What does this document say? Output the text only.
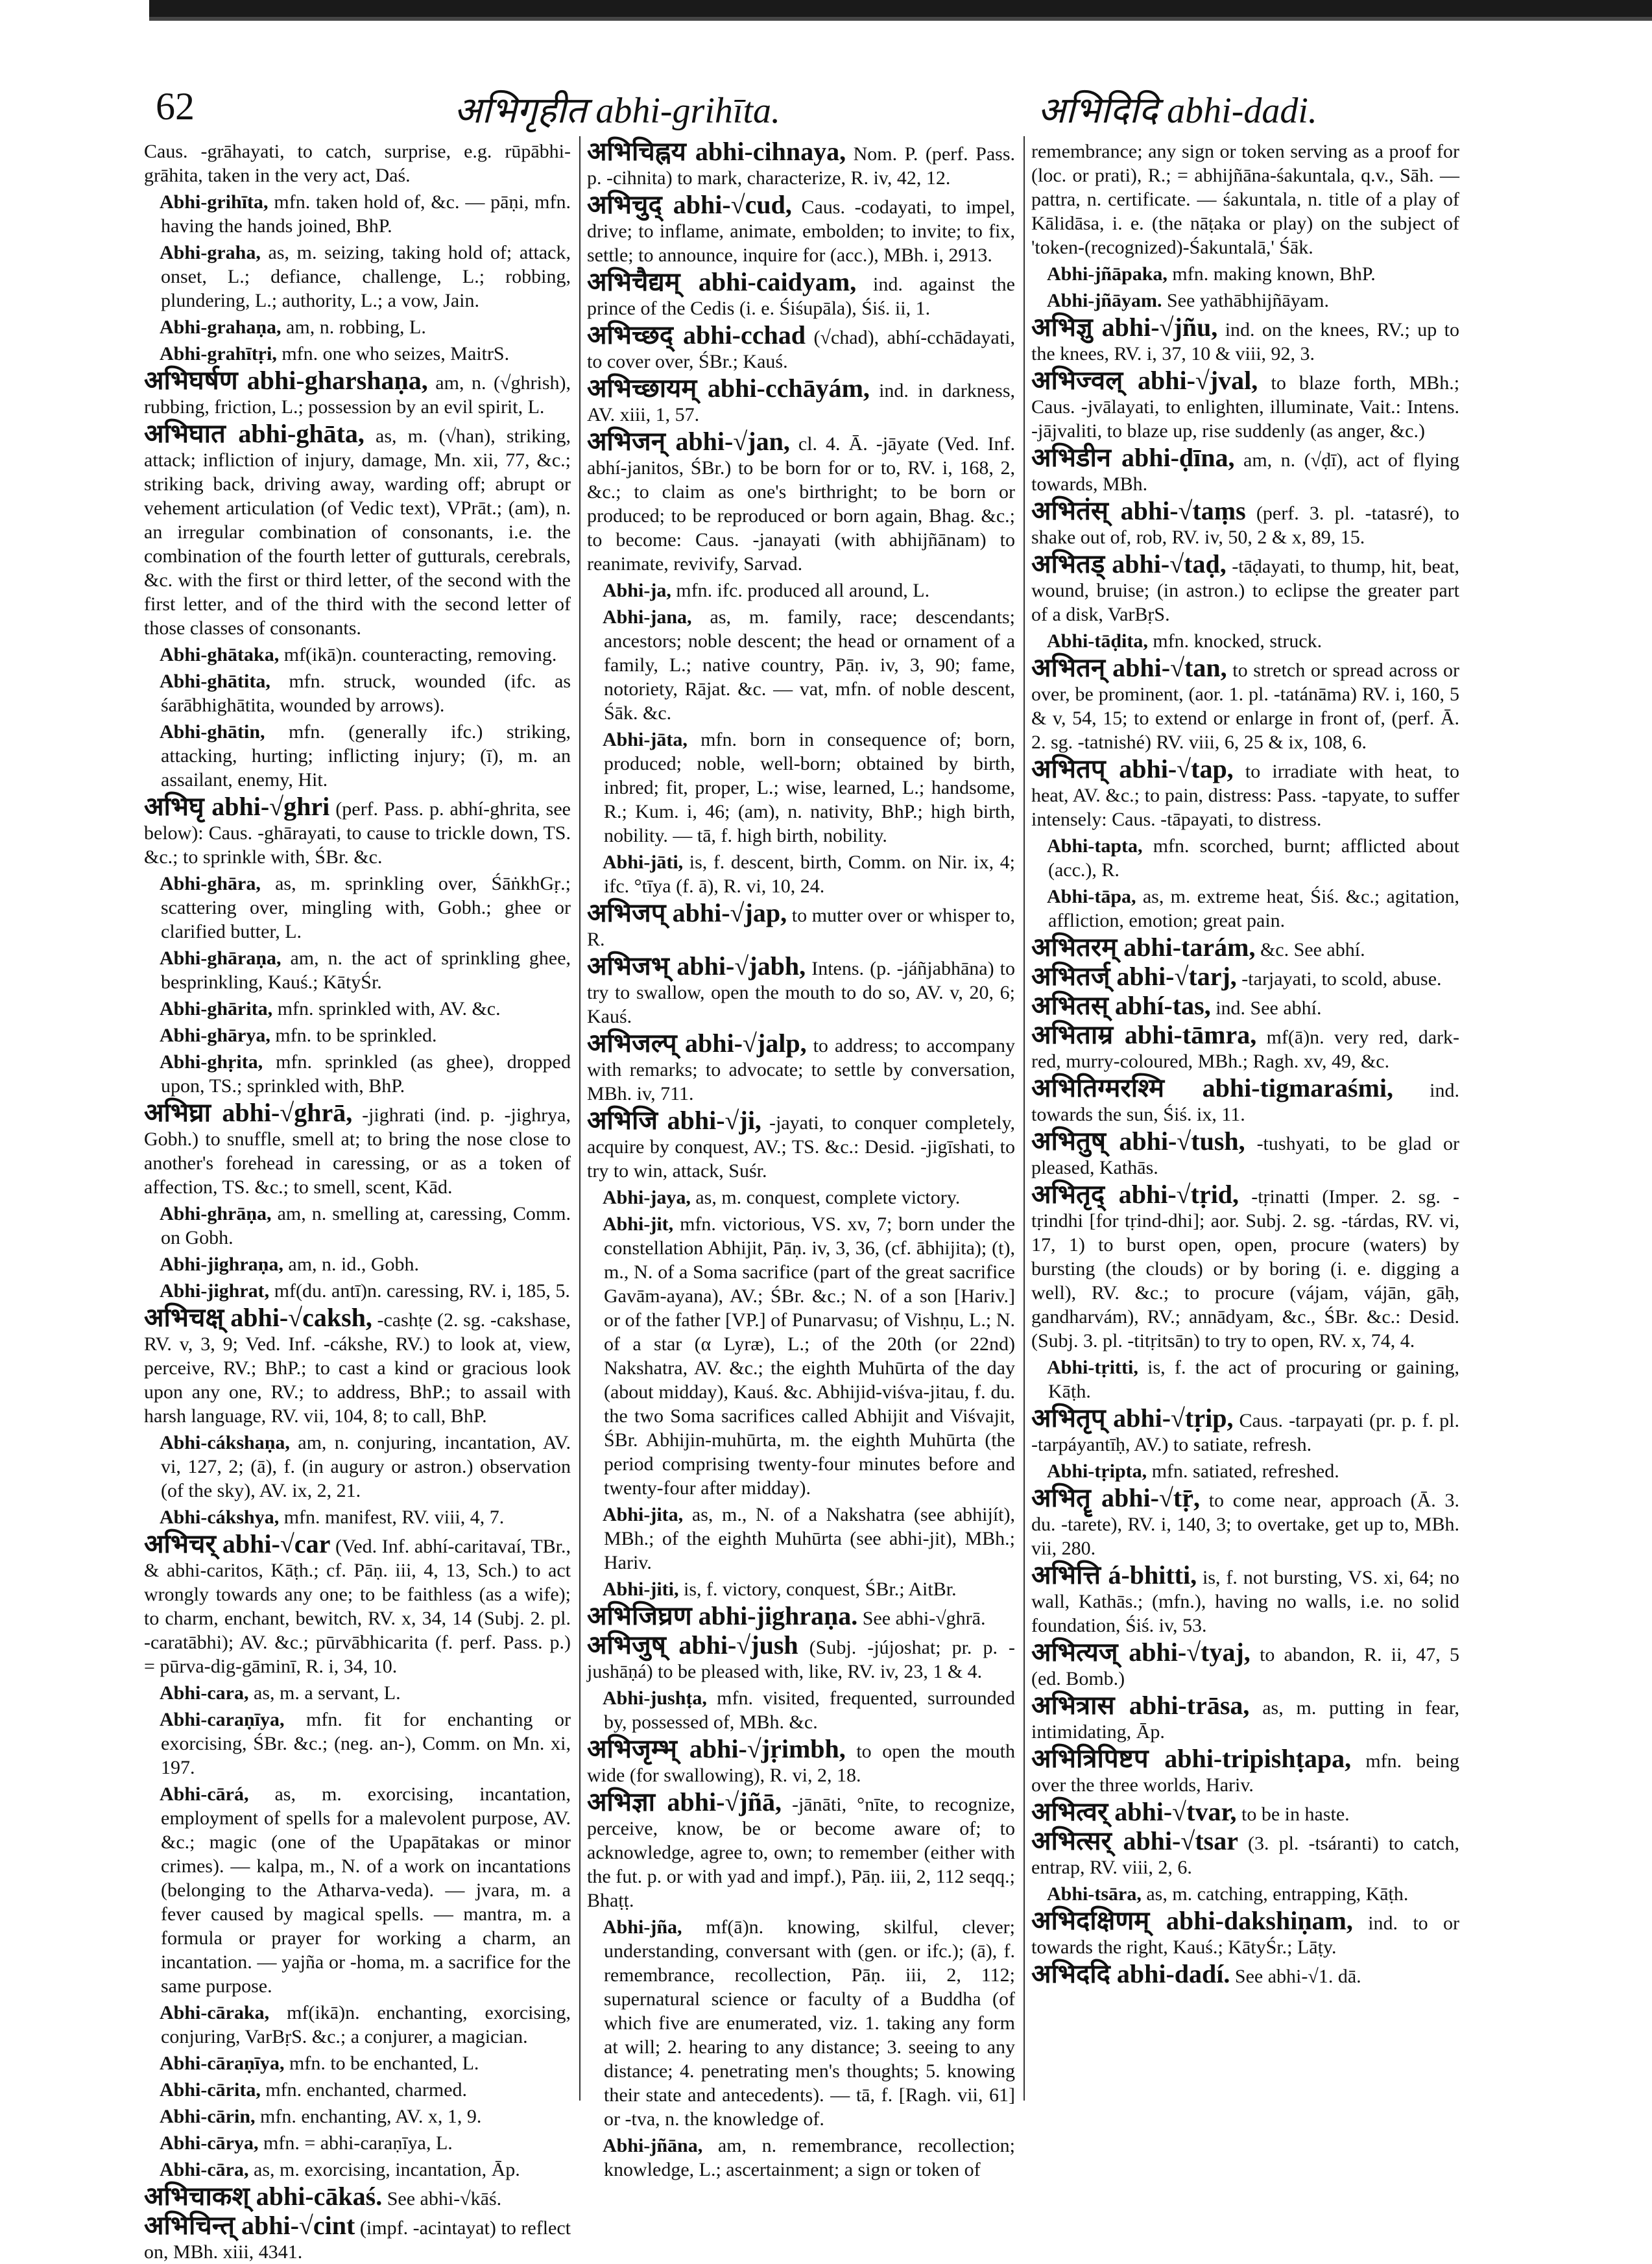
62	अभिगृहीत abhi-grihīta.	अभिदिदि abhi-dadi.

Caus. -grāhayati, to catch, surprise, e.g. rūpābhi-grāhita, taken in the very act, Daś.

Abhi-grihīta, mfn. taken hold of, &c. — pāṇi, mfn. having the hands joined, BhP.

Abhi-graha, as, m. seizing, taking hold of; attack, onset, L.; defiance, challenge, L.; robbing, plundering, L.; authority, L.; a vow, Jain.

Abhi-grahaṇa, am, n. robbing, L.

Abhi-grahītṛi, mfn. one who seizes, MaitrS.

अभिघर्षण abhi-gharshaṇa, am, n. (√ghrish), rubbing, friction, L.; possession by an evil spirit, L.

अभिघात abhi-ghāta, as, m. (√han), striking, attack; infliction of injury, damage, Mn. xii, 77, &c.; striking back, driving away, warding off; abrupt or vehement articulation (of Vedic text), VPrāt.; (am), n. an irregular combination of consonants, i.e. the combination of the fourth letter of gutturals, cerebrals, &c. with the first or third letter, of the second with the first letter, and of the third with the second letter of those classes of consonants.

Abhi-ghātaka, mf(ikā)n. counteracting, removing.

Abhi-ghātita, mfn. struck, wounded (ifc. as śarābhighātita, wounded by arrows).

Abhi-ghātin, mfn. (generally ifc.) striking, attacking, hurting; inflicting injury; (ī), m. an assailant, enemy, Hit.

अभिघृ abhi-√ghri (perf. Pass. p. abhí-ghrita, see below): Caus. -ghārayati, to cause to trickle down, TS. &c.; to sprinkle with, ŚBr. &c.

Abhi-ghāra, as, m. sprinkling over, ŚāṅkhGṛ.; scattering over, mingling with, Gobh.; ghee or clarified butter, L.

Abhi-ghāraṇa, am, n. the act of sprinkling ghee, besprinkling, Kauś.; KātyŚr.

Abhi-ghārita, mfn. sprinkled with, AV. &c.

Abhi-ghārya, mfn. to be sprinkled.

Abhi-ghṛita, mfn. sprinkled (as ghee), dropped upon, TS.; sprinkled with, BhP.

अभिघ्रा abhi-√ghrā, -jighrati (ind. p. -jighrya, Gobh.) to snuffle, smell at; to bring the nose close to another's forehead in caressing, or as a token of affection, TS. &c.; to smell, scent, Kād.

Abhi-ghrāṇa, am, n. smelling at, caressing, Comm. on Gobh.

Abhi-jighraṇa, am, n. id., Gobh.

Abhi-jighrat, mf(du. antī)n. caressing, RV. i, 185, 5.

अभिचक्ष् abhi-√caksh, -cashṭe (2. sg. -cakshase, RV. v, 3, 9; Ved. Inf. -cákshe, RV.) to look at, view, perceive, RV.; BhP.; to cast a kind or gracious look upon any one, RV.; to address, BhP.; to assail with harsh language, RV. vii, 104, 8; to call, BhP.

Abhi-cákshaṇa, am, n. conjuring, incantation, AV. vi, 127, 2; (ā), f. (in augury or astron.) observation (of the sky), AV. ix, 2, 21.

Abhi-cákshya, mfn. manifest, RV. viii, 4, 7.

अभिचर् abhi-√car (Ved. Inf. abhí-caritavaí, TBr., & abhi-caritos, Kāṭh.; cf. Pāṇ. iii, 4, 13, Sch.) to act wrongly towards any one; to be faithless (as a wife); to charm, enchant, bewitch, RV. x, 34, 14 (Subj. 2. pl. -caratābhi); AV. &c.; pūrvābhicarita (f. perf. Pass. p.) = pūrva-dig-gāminī, R. i, 34, 10.

Abhi-cara, as, m. a servant, L.

Abhi-caraṇīya, mfn. fit for enchanting or exorcising, ŚBr. &c.; (neg. an-), Comm. on Mn. xi, 197.

Abhi-cārá, as, m. exorcising, incantation, employment of spells for a malevolent purpose, AV. &c.; magic (one of the Upapātakas or minor crimes). — kalpa, m., N. of a work on incantations (belonging to the Atharva-veda). — jvara, m. a fever caused by magical spells. — mantra, m. a formula or prayer for working a charm, an incantation. — yajña or -homa, m. a sacrifice for the same purpose.

Abhi-cāraka, mf(ikā)n. enchanting, exorcising, conjuring, VarBṛS. &c.; a conjurer, a magician.

Abhi-cāraṇīya, mfn. to be enchanted, L.

Abhi-cārita, mfn. enchanted, charmed.

Abhi-cārin, mfn. enchanting, AV. x, 1, 9.

Abhi-cārya, mfn. = abhi-caraṇīya, L.

Abhi-cāra, as, m. exorcising, incantation, Āp.

अभिचाकश् abhi-cākaś. See abhi-√kāś.

अभिचिन्त् abhi-√cint (impf. -acintayat) to reflect on, MBh. xiii, 4341.

अभिचिह्नय abhi-cihnaya, Nom. P. (perf. Pass. p. -cihnita) to mark, characterize, R. iv, 42, 12.

अभिचुद् abhi-√cud, Caus. -codayati, to impel, drive; to inflame, animate, embolden; to invite; to fix, settle; to announce, inquire for (acc.), MBh. i, 2913.

अभिचैद्यम् abhi-caidyam, ind. against the prince of the Cedis (i. e. Śiśupāla), Śiś. ii, 1.

अभिच्छद् abhi-cchad (√chad), abhí-cchādayati, to cover over, ŚBr.; Kauś.

अभिच्छायम् abhi-cchāyám, ind. in darkness, AV. xiii, 1, 57.

अभिजन् abhi-√jan, cl. 4. Ā. -jāyate (Ved. Inf. abhí-janitos, ŚBr.) to be born for or to, RV. i, 168, 2, &c.; to claim as one's birthright; to be born or produced; to be reproduced or born again, Bhag. &c.; to become: Caus. -janayati (with abhijñānam) to reanimate, revivify, Sarvad.

Abhi-ja, mfn. ifc. produced all around, L.

Abhi-jana, as, m. family, race; descendants; ancestors; noble descent; the head or ornament of a family, L.; native country, Pāṇ. iv, 3, 90; fame, notoriety, Rājat. &c. — vat, mfn. of noble descent, Śāk. &c.

Abhi-jāta, mfn. born in consequence of; born, produced; noble, well-born; obtained by birth, inbred; fit, proper, L.; wise, learned, L.; handsome, R.; Kum. i, 46; (am), n. nativity, BhP.; high birth, nobility. — tā, f. high birth, nobility.

Abhi-jāti, is, f. descent, birth, Comm. on Nir. ix, 4; ifc. °tīya (f. ā), R. vi, 10, 24.

अभिजप् abhi-√jap, to mutter over or whisper to, R.

अभिजभ् abhi-√jabh, Intens. (p. -jáñjabhāna) to try to swallow, open the mouth to do so, AV. v, 20, 6; Kauś.

अभिजल्प् abhi-√jalp, to address; to accompany with remarks; to advocate; to settle by conversation, MBh. iv, 711.

अभिजि abhi-√ji, -jayati, to conquer completely, acquire by conquest, AV.; TS. &c.: Desid. -jigīshati, to try to win, attack, Suśr.

Abhi-jaya, as, m. conquest, complete victory.

Abhi-jit, mfn. victorious, VS. xv, 7; born under the constellation Abhijit, Pāṇ. iv, 3, 36, (cf. ābhijita); (t), m., N. of a Soma sacrifice (part of the great sacrifice Gavām-ayana), AV.; ŚBr. &c.; N. of a son [Hariv.] or of the father [VP.] of Punarvasu; of Vishṇu, L.; N. of a star (α Lyræ), L.; of the 20th (or 22nd) Nakshatra, AV. &c.; the eighth Muhūrta of the day (about midday), Kauś. &c. Abhijid-viśva-jitau, f. du. the two Soma sacrifices called Abhijit and Viśvajit, ŚBr. Abhijin-muhūrta, m. the eighth Muhūrta (the period comprising twenty-four minutes before and twenty-four after midday).

Abhi-jita, as, m., N. of a Nakshatra (see abhijít), MBh.; of the eighth Muhūrta (see abhi-jit), MBh.; Hariv.

Abhi-jiti, is, f. victory, conquest, ŚBr.; AitBr.

अभिजिघ्रण abhi-jighraṇa. See abhi-√ghrā.

अभिजुष् abhi-√jush (Subj. -jújoshat; pr. p. -jushāṇá) to be pleased with, like, RV. iv, 23, 1 & 4.

Abhi-jushṭa, mfn. visited, frequented, surrounded by, possessed of, MBh. &c.

अभिजृम्भ् abhi-√jṛimbh, to open the mouth wide (for swallowing), R. vi, 2, 18.

अभिज्ञा abhi-√jñā, -jānāti, °nīte, to recognize, perceive, know, be or become aware of; to acknowledge, agree to, own; to remember (either with the fut. p. or with yad and impf.), Pāṇ. iii, 2, 112 seqq.; Bhaṭṭ.

Abhi-jña, mf(ā)n. knowing, skilful, clever; understanding, conversant with (gen. or ifc.); (ā), f. remembrance, recollection, Pāṇ. iii, 2, 112; supernatural science or faculty of a Buddha (of which five are enumerated, viz. 1. taking any form at will; 2. hearing to any distance; 3. seeing to any distance; 4. penetrating men's thoughts; 5. knowing their state and antecedents). — tā, f. [Ragh. vii, 61] or -tva, n. the knowledge of.

Abhi-jñāna, am, n. remembrance, recollection; knowledge, L.; ascertainment; a sign or token of

remembrance; any sign or token serving as a proof for (loc. or prati), R.; = abhijñāna-śakuntala, q.v., Sāh. — pattra, n. certificate. — śakuntala, n. title of a play of Kālidāsa, i. e. (the nāṭaka or play) on the subject of 'token-(recognized)-Śakuntalā,' Śāk.

Abhi-jñāpaka, mfn. making known, BhP.

Abhi-jñāyam. See yathābhijñāyam.

अभिज्ञु abhi-√jñu, ind. on the knees, RV.; up to the knees, RV. i, 37, 10 & viii, 92, 3.

अभिज्वल् abhi-√jval, to blaze forth, MBh.; Caus. -jvālayati, to enlighten, illuminate, Vait.: Intens. -jājvaliti, to blaze up, rise suddenly (as anger, &c.)

अभिडीन abhi-ḍīna, am, n. (√ḍī), act of flying towards, MBh.

अभितंस् abhi-√taṃs (perf. 3. pl. -tatasré), to shake out of, rob, RV. iv, 50, 2 & x, 89, 15.

अभितड् abhi-√taḍ, -tāḍayati, to thump, hit, beat, wound, bruise; (in astron.) to eclipse the greater part of a disk, VarBṛS.

Abhi-tāḍita, mfn. knocked, struck.

अभितन् abhi-√tan, to stretch or spread across or over, be prominent, (aor. 1. pl. -tatánāma) RV. i, 160, 5 & v, 54, 15; to extend or enlarge in front of, (perf. Ā. 2. sg. -tatnishé) RV. viii, 6, 25 & ix, 108, 6.

अभितप् abhi-√tap, to irradiate with heat, to heat, AV. &c.; to pain, distress: Pass. -tapyate, to suffer intensely: Caus. -tāpayati, to distress.

Abhi-tapta, mfn. scorched, burnt; afflicted about (acc.), R.

Abhi-tāpa, as, m. extreme heat, Śiś. &c.; agitation, affliction, emotion; great pain.

अभितरम् abhi-tarám, &c. See abhí.

अभितर्ज् abhi-√tarj, -tarjayati, to scold, abuse.

अभितस् abhí-tas, ind. See abhí.

अभिताम्र abhi-tāmra, mf(ā)n. very red, dark-red, murry-coloured, MBh.; Ragh. xv, 49, &c.

अभितिग्मरश्मि abhi-tigmaraśmi, ind. towards the sun, Śiś. ix, 11.

अभितुष् abhi-√tush, -tushyati, to be glad or pleased, Kathās.

अभितृद् abhi-√tṛid, -tṛinatti (Imper. 2. sg. -tṛindhi [for tṛind-dhi]; aor. Subj. 2. sg. -tárdas, RV. vi, 17, 1) to burst open, open, procure (waters) by bursting (the clouds) or by boring (i. e. digging a well), RV. &c.; to procure (vájam, vájān, gāḥ, gandharvám), RV.; annādyam, &c., ŚBr. &c.: Desid. (Subj. 3. pl. -titṛitsān) to try to open, RV. x, 74, 4.

Abhi-tṛitti, is, f. the act of procuring or gaining, Kāṭh.

अभितृप् abhi-√tṛip, Caus. -tarpayati (pr. p. f. pl. -tarpáyantīḥ, AV.) to satiate, refresh.

Abhi-tṛipta, mfn. satiated, refreshed.

अभितॄ abhi-√tṝ, to come near, approach (Ā. 3. du. -tarete), RV. i, 140, 3; to overtake, get up to, MBh. vii, 280.

अभित्ति á-bhitti, is, f. not bursting, VS. xi, 64; no wall, Kathās.; (mfn.), having no walls, i.e. no solid foundation, Śiś. iv, 53.

अभित्यज् abhi-√tyaj, to abandon, R. ii, 47, 5 (ed. Bomb.)

अभित्रास abhi-trāsa, as, m. putting in fear, intimidating, Āp.

अभित्रिपिष्टप abhi-tripishṭapa, mfn. being over the three worlds, Hariv.

अभित्वर् abhi-√tvar, to be in haste.

अभित्सर् abhi-√tsar (3. pl. -tsáranti) to catch, entrap, RV. viii, 2, 6.

Abhi-tsāra, as, m. catching, entrapping, Kāṭh.

अभिदक्षिणम् abhi-dakshiṇam, ind. to or towards the right, Kauś.; KātyŚr.; Lāṭy.

अभिददि abhi-dadí. See abhi-√1. dā.
